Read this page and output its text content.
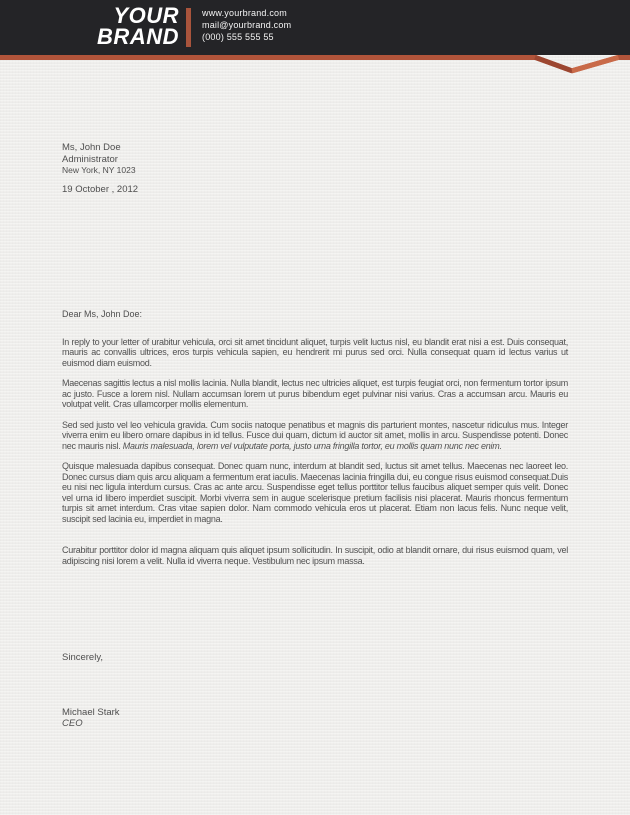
YOUR
BRAND
www.yourbrand.com
mail@yourbrand.com
(000) 555 555 55
Ms, John Doe
Administrator
New York, NY 1023
19 October , 2012
Dear Ms, John Doe:

In reply to your letter of urabitur vehicula, orci sit amet tincidunt aliquet, turpis velit luctus nisl, eu blandit erat nisi a est. Duis consequat, mauris ac convallis ultrices, eros turpis vehicula sapien, eu hendrerit mi purus sed orci. Nulla consequat quam id lectus varius ut euismod diam euismod.

Maecenas sagittis lectus a nisl mollis lacinia. Nulla blandit, lectus nec ultricies aliquet, est turpis feugiat orci, non fermentum tortor ipsum ac justo. Fusce a lorem nisl. Nullam accumsan lorem ut purus bibendum eget pulvinar nisi varius. Cras a accumsan arcu. Mauris eu volutpat velit. Cras ullamcorper mollis elementum.

Sed sed justo vel leo vehicula gravida. Cum sociis natoque penatibus et magnis dis parturient montes, nascetur ridiculus mus. Integer viverra enim eu libero ornare dapibus in id tellus. Fusce dui quam, dictum id auctor sit amet, mollis in arcu. Suspendisse potenti. Donec nec mauris nisl. Mauris malesuada, lorem vel vulputate porta, justo urna fringilla tortor, eu mollis quam nunc nec enim.

Quisque malesuada dapibus consequat. Donec quam nunc, interdum at blandit sed, luctus sit amet tellus. Maecenas nec laoreet leo. Donec cursus diam quis arcu aliquam a fermentum erat iaculis. Maecenas lacinia fringilla dui, eu congue risus euismod consequat.Duis eu nisi nec ligula interdum cursus. Cras ac ante arcu. Suspendisse eget tellus porttitor tellus faucibus aliquet semper quis velit. Donec vel urna id libero imperdiet suscipit. Morbi viverra sem in augue scelerisque pretium facilisis nisi placerat. Mauris rhoncus fermentum turpis sit amet interdum. Cras vitae sapien dolor. Nam commodo vehicula eros ut placerat. Etiam non lacus felis. Nunc neque velit, suscipit sed lacinia eu, imperdiet in magna.

Curabitur porttitor dolor id magna aliquam quis aliquet ipsum sollicitudin. In suscipit, odio at blandit ornare, dui risus euismod quam, vel adipiscing nisi lorem a velit. Nulla id viverra neque. Vestibulum nec ipsum massa.

Sincerely,
Michael Stark
CEO
